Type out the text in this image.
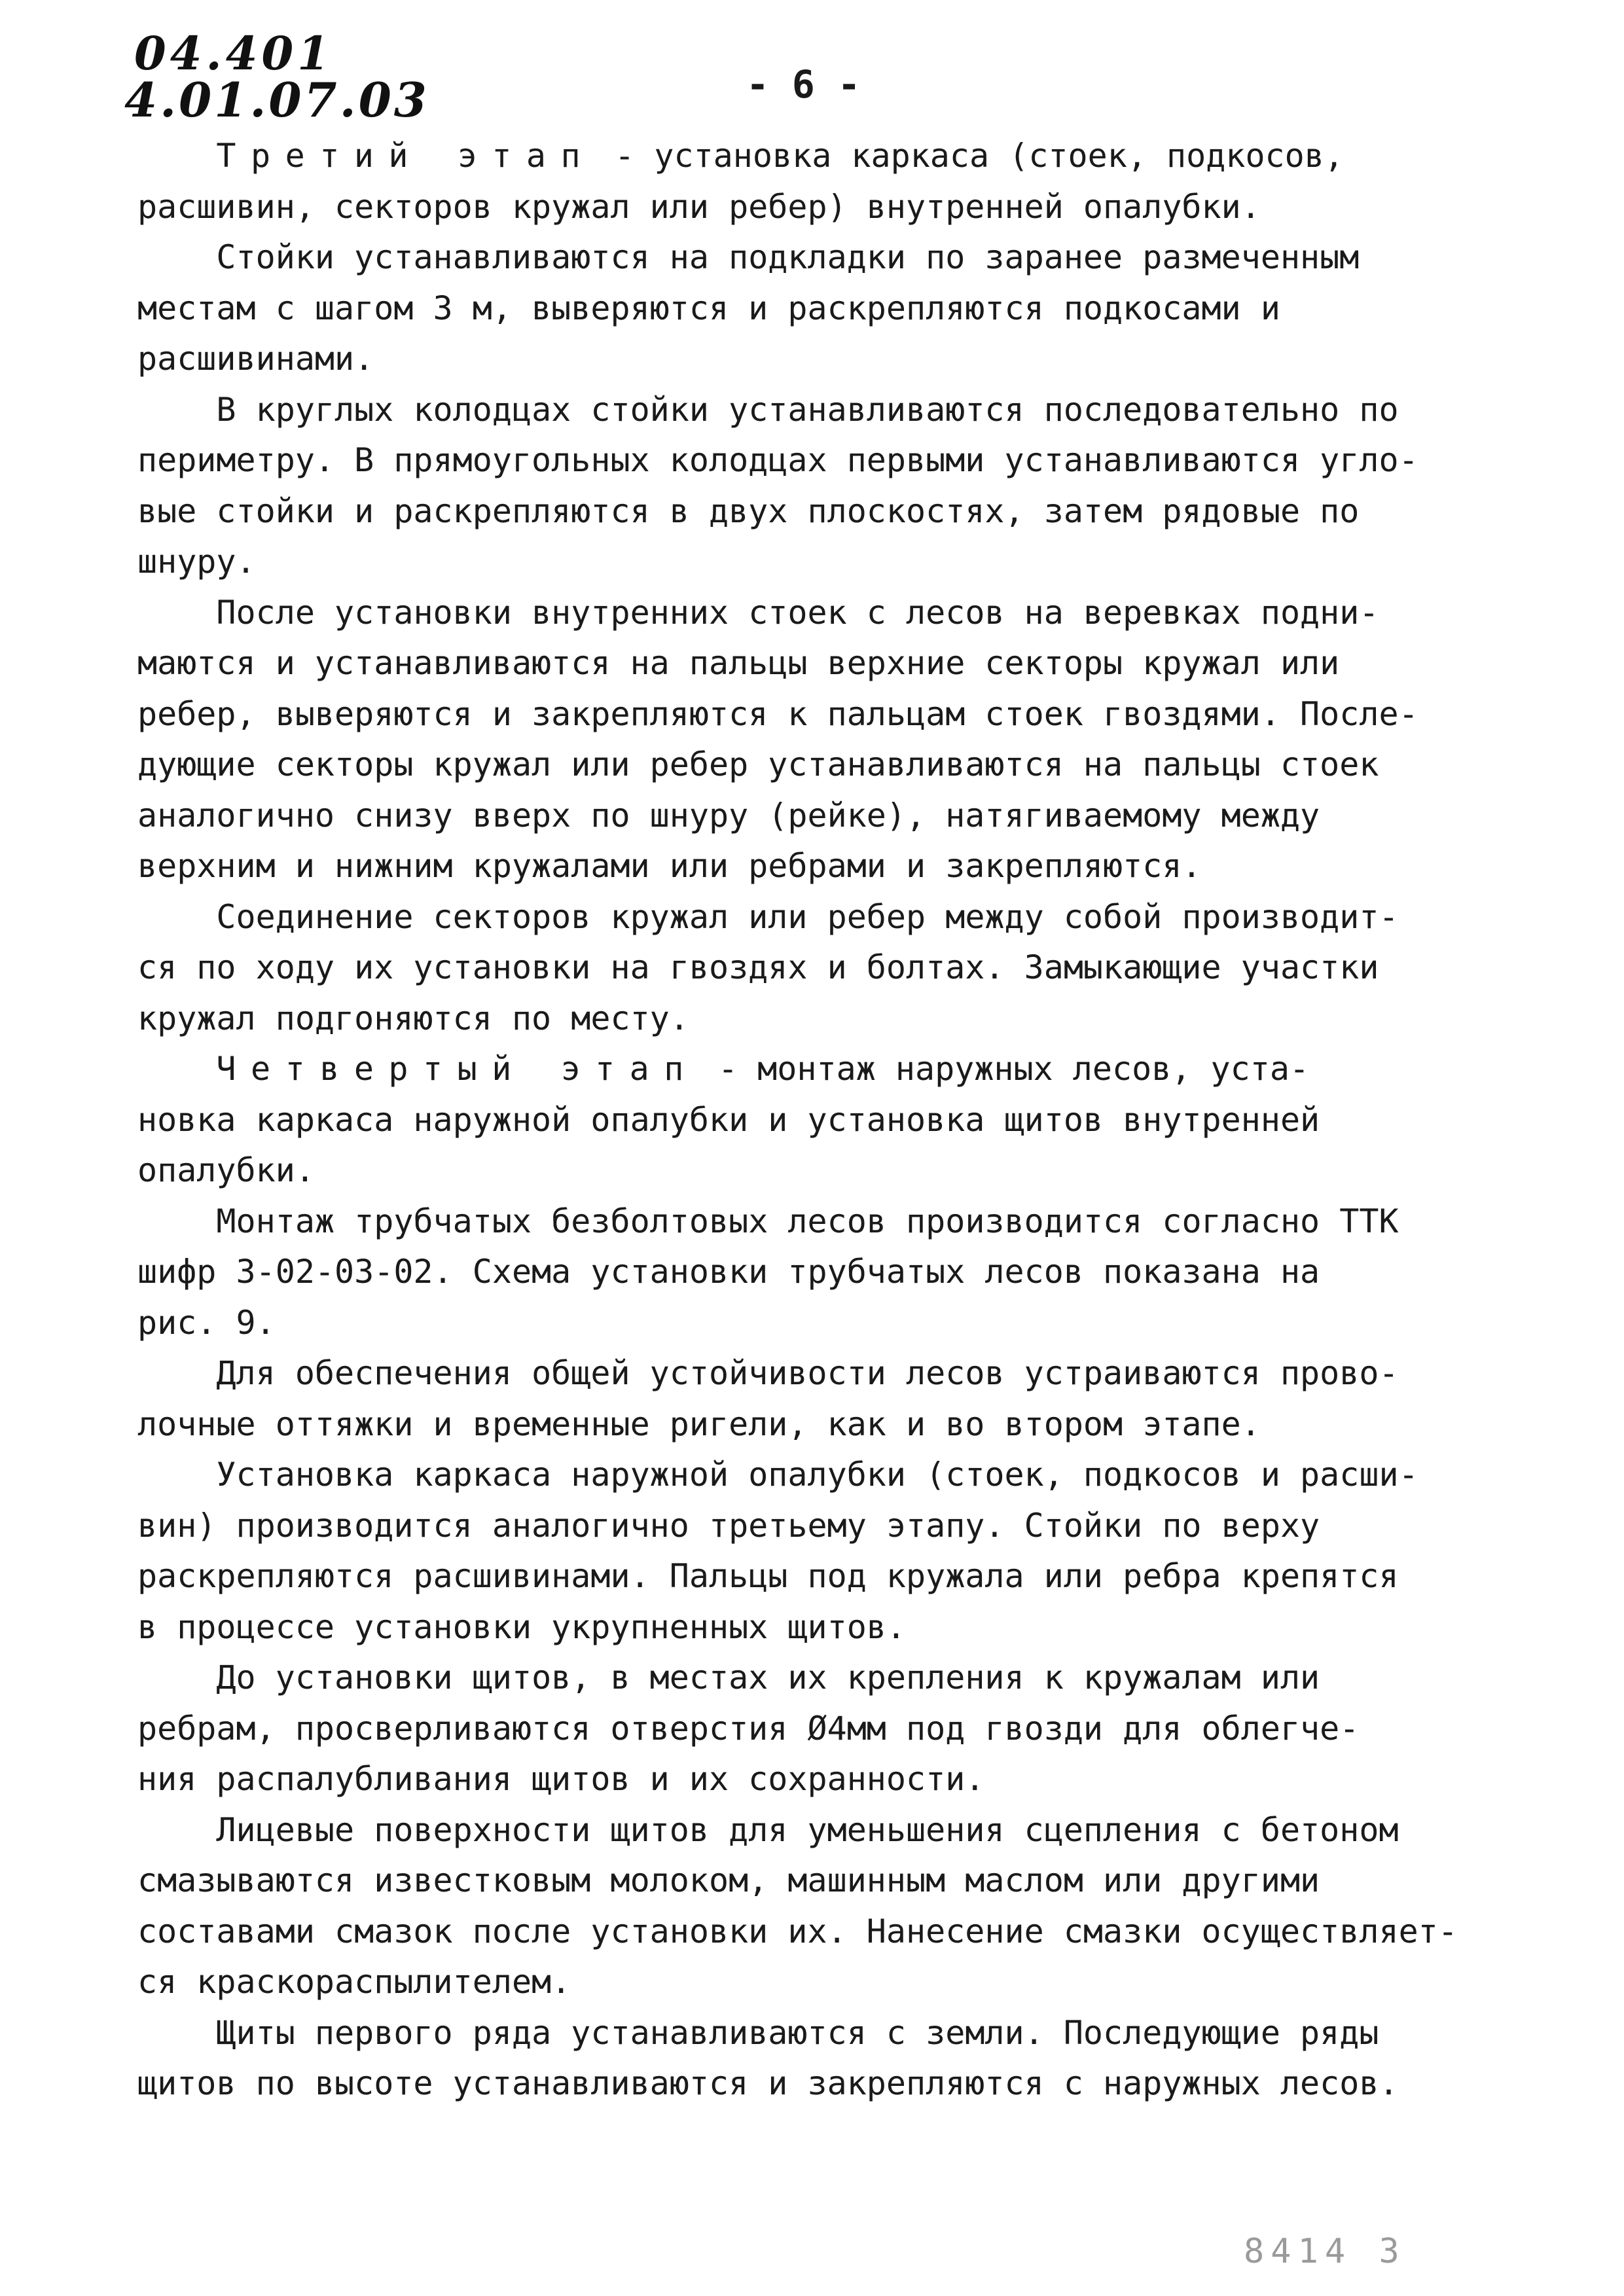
04.401
4.01.07.03	- 6 -
Третий этап - установка каркаса (стоек, подкосов,
расшивин, секторов кружал или ребер) внутренней опалубки.
Стойки устанавливаются на подкладки по заранее размеченным
местам с шагом 3 м, выверяются и раскрепляются подкосами и
расшивинами.
В круглых колодцах стойки устанавливаются последовательно по
периметру. В прямоугольных колодцах первыми устанавливаются угло-
вые стойки и раскрепляются в двух плоскостях, затем рядовые по
шнуру.
После установки внутренних стоек с лесов на веревках подни-
маются и устанавливаются на пальцы верхние секторы кружал или
ребер, выверяются и закрепляются к пальцам стоек гвоздями. После-
дующие секторы кружал или ребер устанавливаются на пальцы стоек
аналогично снизу вверх по шнуру (рейке), натягиваемому между
верхним и нижним кружалами или ребрами и закрепляются.
Соединение секторов кружал или ребер между собой производит-
ся по ходу их установки на гвоздях и болтах. Замыкающие участки
кружал подгоняются по месту.
Четвертый этап - монтаж наружных лесов, уста-
новка каркаса наружной опалубки и установка щитов внутренней
опалубки.
Монтаж трубчатых безболтовых лесов производится согласно ТТК
шифр 3-02-03-02. Схема установки трубчатых лесов показана на
рис. 9.
Для обеспечения общей устойчивости лесов устраиваются прово-
лочные оттяжки и временные ригели, как и во втором этапе.
Установка каркаса наружной опалубки (стоек, подкосов и расши-
вин) производится аналогично третьему этапу. Стойки по верху
раскрепляются расшивинами. Пальцы под кружала или ребра крепятся
в процессе установки укрупненных щитов.
До установки щитов, в местах их крепления к кружалам или
ребрам, просверливаются отверстия Ø4мм под гвозди для облегче-
ния распалубливания щитов и их сохранности.
Лицевые поверхности щитов для уменьшения сцепления с бетоном
смазываются известковым молоком, машинным маслом или другими
составами смазок после установки их. Нанесение смазки осуществляет-
ся краскораспылителем.
Щиты первого ряда устанавливаются с земли. Последующие ряды
щитов по высоте устанавливаются и закрепляются с наружных лесов.
8414 3
